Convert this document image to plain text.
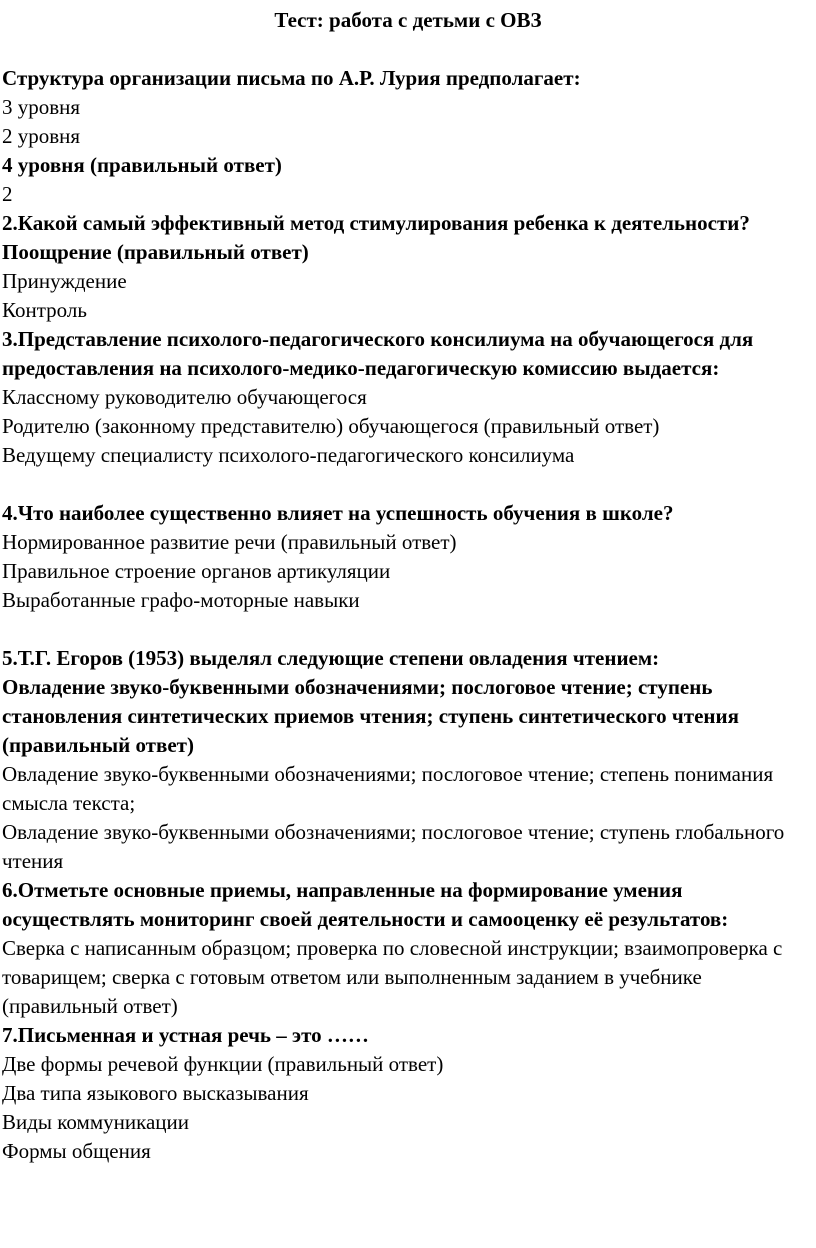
Тест: работа с детьми с ОВЗ

Структура организации письма по А.Р. Лурия предполагает:

3 уровня

2 уровня

4 уровня (правильный ответ)

2

2.Какой самый эффективный метод стимулирования ребенка к деятельности?

Поощрение (правильный ответ)

Принуждение

Контроль

3.Представление психолого-педагогического консилиума на обучающегося для предоставления на психолого-медико-педагогическую комиссию выдается:

Классному руководителю обучающегося

Родителю (законному представителю) обучающегося (правильный ответ)

Ведущему специалисту психолого-педагогического консилиума

4.Что наиболее существенно влияет на успешность обучения в школе?

Нормированное развитие речи (правильный ответ)

Правильное строение органов артикуляции

Выработанные графо-моторные навыки

5.Т.Г. Егоров (1953) выделял следующие степени овладения чтением:

Овладение звуко-буквенными обозначениями; послоговое чтение; ступень становления синтетических приемов чтения; ступень синтетического чтения (правильный ответ)

Овладение звуко-буквенными обозначениями; послоговое чтение; степень понимания смысла текста;

Овладение звуко-буквенными обозначениями; послоговое чтение; ступень глобального чтения

6.Отметьте основные приемы, направленные на формирование умения осуществлять мониторинг своей деятельности и самооценку её результатов:

Сверка с написанным образцом; проверка по словесной инструкции; взаимопроверка с товарищем; сверка с готовым ответом или выполненным заданием в учебнике (правильный ответ)

7.Письменная и устная речь – это ……

Две формы речевой функции (правильный ответ)

Два типа языкового высказывания

Виды коммуникации

Формы общения
